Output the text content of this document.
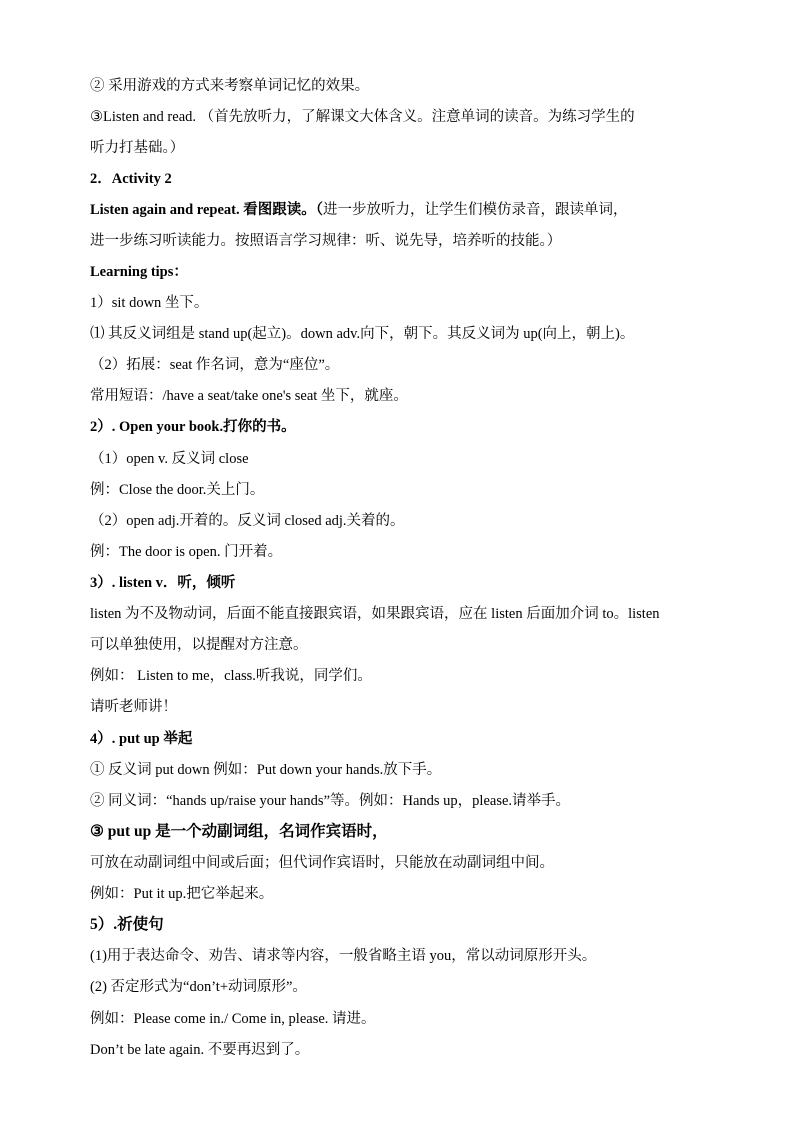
② 采用游戏的方式来考察单词记忆的效果。
③Listen and read. （首先放听力，了解课文大体含义。注意单词的读音。为练习学生的
听力打基础。）
2．Activity 2
Listen again and repeat. 看图跟读。（进一步放听力，让学生们模仿录音，跟读单词，
进一步练习听读能力。按照语言学习规律：听、说先导，培养听的技能。）
Learning tips：
1）sit down 坐下。
⑴ 其反义词组是 stand up(起立)。down adv.向下，朝下。其反义词为 up(向上，朝上)。
（2）拓展：seat 作名词，意为“座位”。
常用短语：/have a seat/take one's seat 坐下，就座。
2）. Open your book.打你的书。
（1）open v. 反义词 close
例：Close the door.关上门。
（2）open adj.开着的。反义词 closed adj.关着的。
例：The door is open. 门开着。
3）. listen v．听，倾听
listen 为不及物动词，后面不能直接跟宾语，如果跟宾语，应在 listen 后面加介词 to。listen
可以单独使用，以提醒对方注意。
例如： Listen to me，class.听我说，同学们。
请听老师讲！
4）. put up 举起
① 反义词 put down 例如：Put down your hands.放下手。
② 同义词：“hands up/raise your hands”等。例如：Hands up，please.请举手。
③ put up 是一个动副词组，名词作宾语时，
可放在动副词组中间或后面；但代词作宾语时，只能放在动副词组中间。
例如：Put it up.把它举起来。
5）.祈使句
(1)用于表达命令、劝告、请求等内容，一般省略主语 you，常以动词原形开头。
(2) 否定形式为“don’t+动词原形”。
例如：Please come in./ Come in, please. 请进。
Don’t be late again. 不要再迟到了。
